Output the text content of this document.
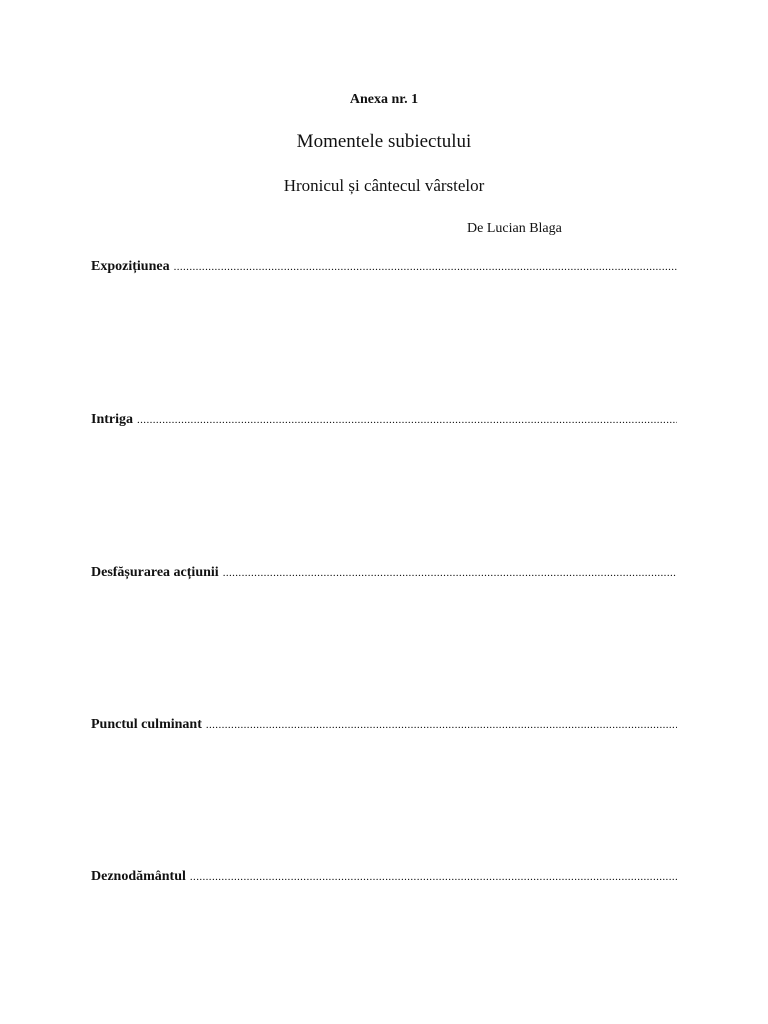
Anexa nr. 1
Momentele subiectului
Hronicul și cântecul vârstelor
De Lucian Blaga
Expozițiunea
.....
Intriga
.....
Desfășurarea acțiunii
.....
Punctul culminant
.....
Deznodământul
.....
